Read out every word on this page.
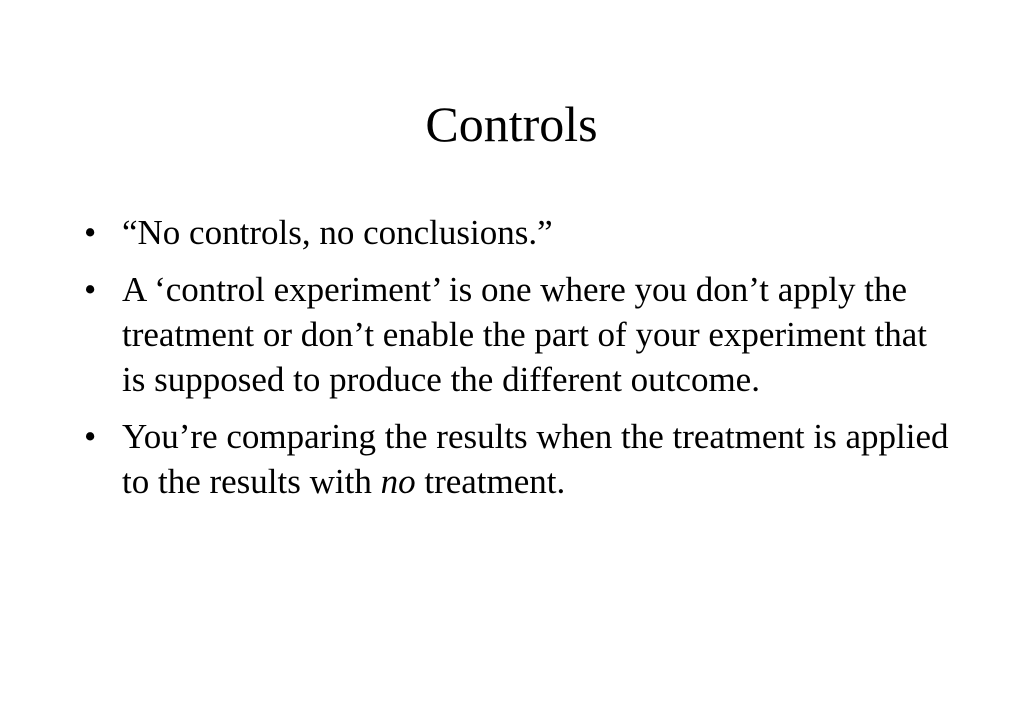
Controls
• “No controls, no conclusions.”
• A ‘control experiment’ is one where you don’t apply the treatment or don’t enable the part of your experiment that is supposed to produce the different outcome.
• You’re comparing the results when the treatment is applied to the results with no treatment.
